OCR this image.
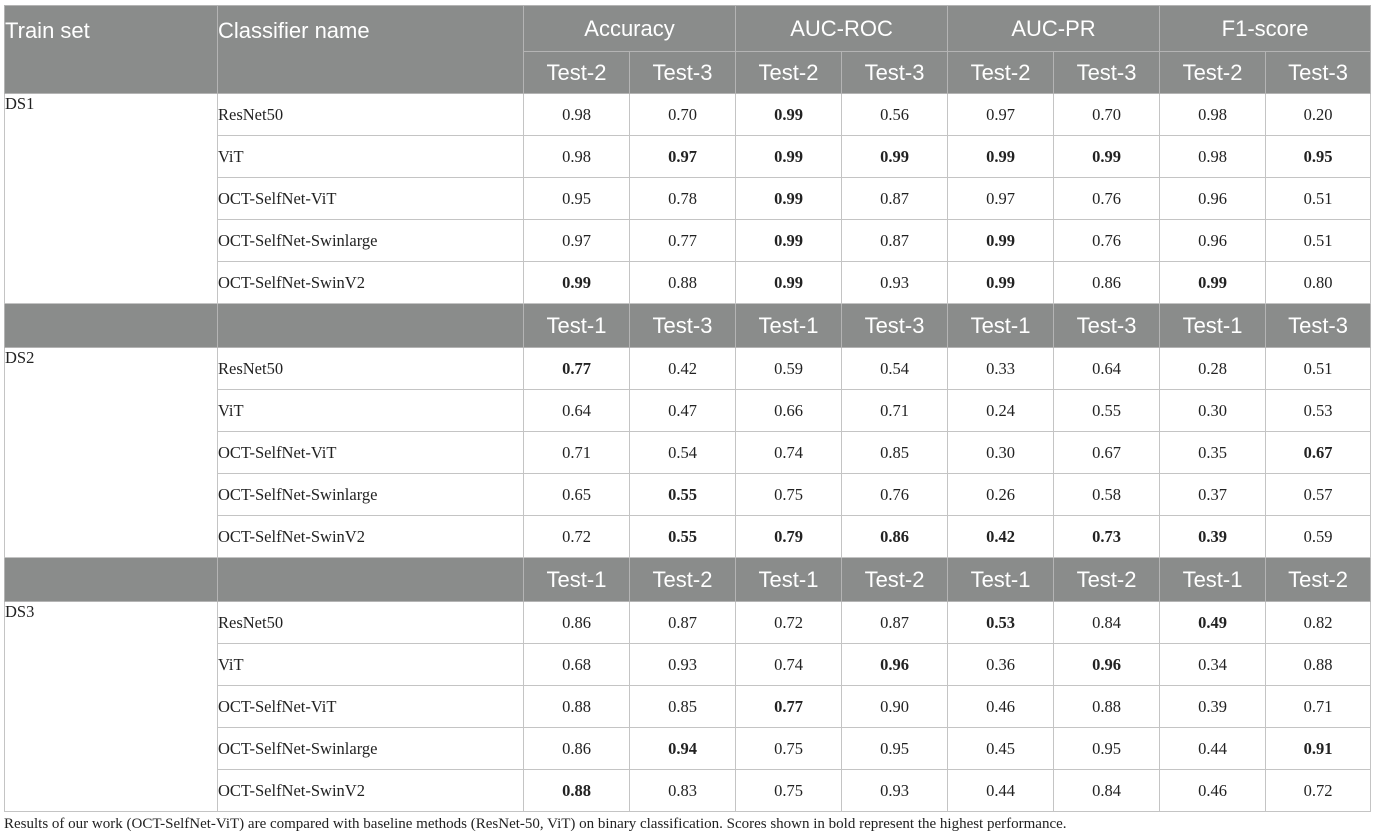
Train set	Classifier name	Accuracy		AUC-ROC		AUC-PR		F1-score	
		Test-2	Test-3	Test-2	Test-3	Test-2	Test-3	Test-2	Test-3
DS1	ResNet50	0.98	0.70	0.99	0.56	0.97	0.70	0.98	0.20
	ViT	0.98	0.97	0.99	0.99	0.99	0.99	0.98	0.95
	OCT-SelfNet-ViT	0.95	0.78	0.99	0.87	0.97	0.76	0.96	0.51
	OCT-SelfNet-Swinlarge	0.97	0.77	0.99	0.87	0.99	0.76	0.96	0.51
	OCT-SelfNet-SwinV2	0.99	0.88	0.99	0.93	0.99	0.86	0.99	0.80
		Test-1	Test-3	Test-1	Test-3	Test-1	Test-3	Test-1	Test-3
DS2	ResNet50	0.77	0.42	0.59	0.54	0.33	0.64	0.28	0.51
	ViT	0.64	0.47	0.66	0.71	0.24	0.55	0.30	0.53
	OCT-SelfNet-ViT	0.71	0.54	0.74	0.85	0.30	0.67	0.35	0.67
	OCT-SelfNet-Swinlarge	0.65	0.55	0.75	0.76	0.26	0.58	0.37	0.57
	OCT-SelfNet-SwinV2	0.72	0.55	0.79	0.86	0.42	0.73	0.39	0.59
		Test-1	Test-2	Test-1	Test-2	Test-1	Test-2	Test-1	Test-2
DS3	ResNet50	0.86	0.87	0.72	0.87	0.53	0.84	0.49	0.82
	ViT	0.68	0.93	0.74	0.96	0.36	0.96	0.34	0.88
	OCT-SelfNet-ViT	0.88	0.85	0.77	0.90	0.46	0.88	0.39	0.71
	OCT-SelfNet-Swinlarge	0.86	0.94	0.75	0.95	0.45	0.95	0.44	0.91
	OCT-SelfNet-SwinV2	0.88	0.83	0.75	0.93	0.44	0.84	0.46	0.72
Results of our work (OCT-SelfNet-ViT) are compared with baseline methods (ResNet-50, ViT) on binary classification. Scores shown in bold represent the highest performance.
